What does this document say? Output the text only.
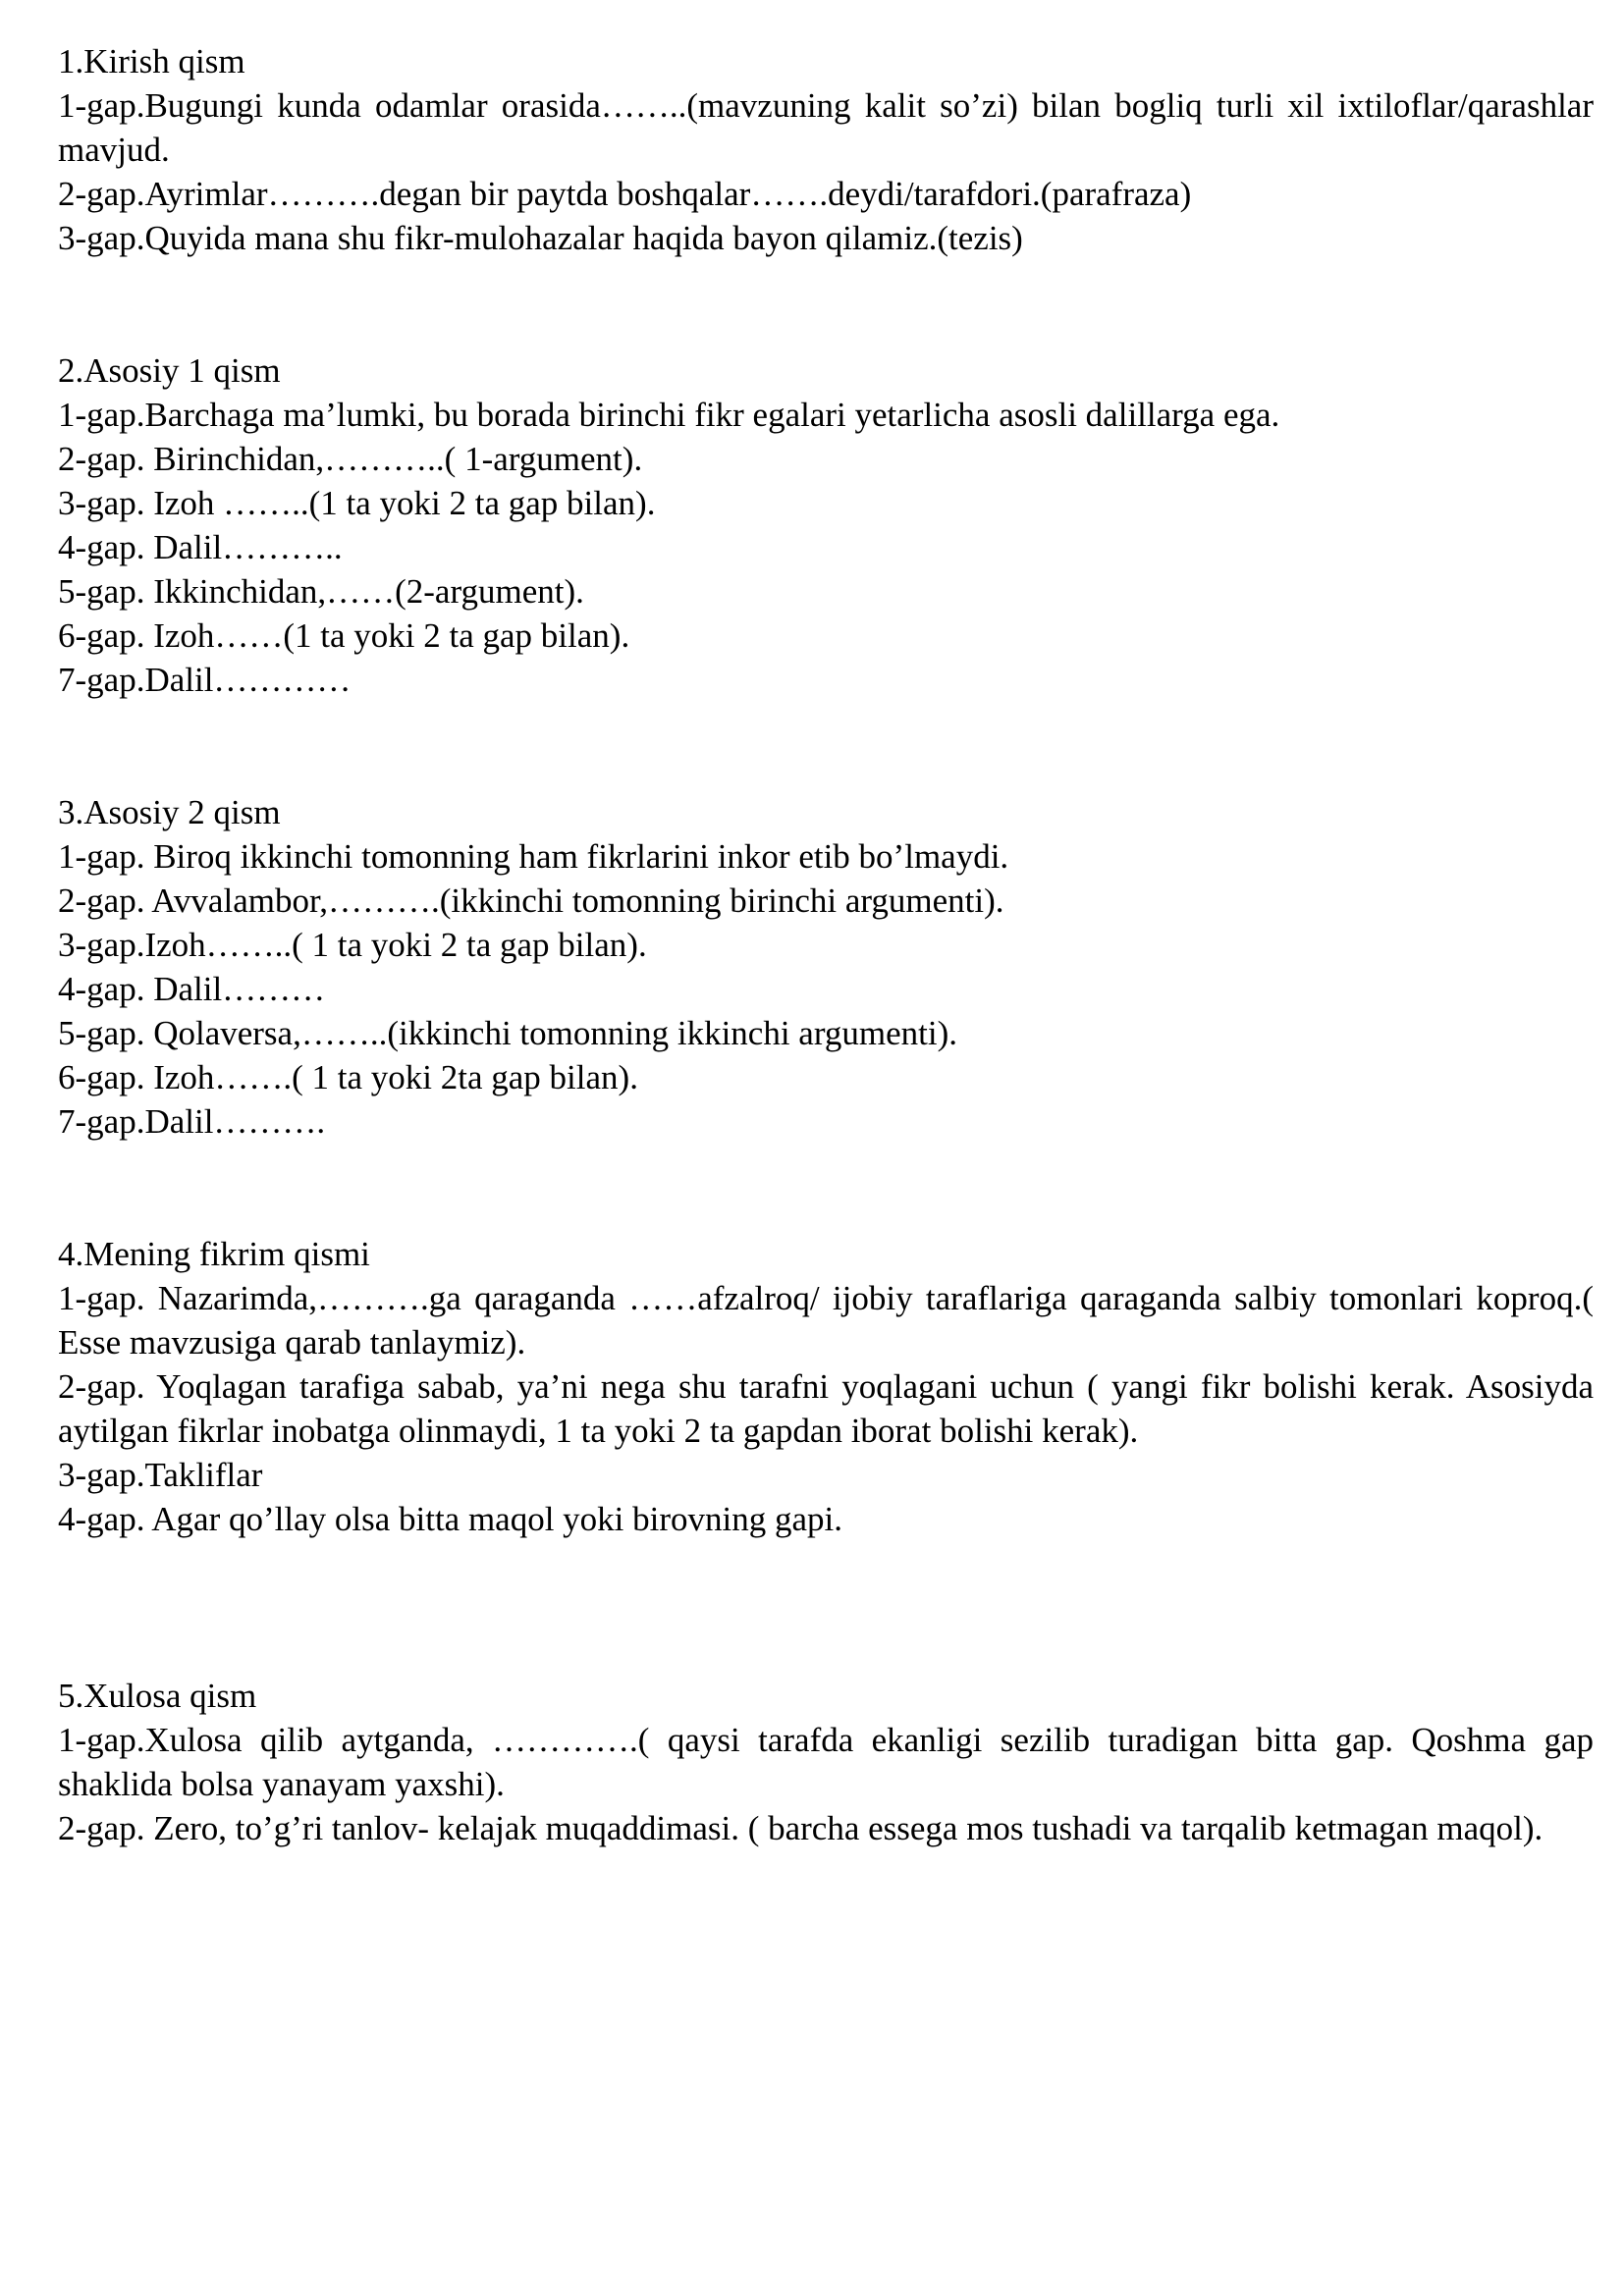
1.Kirish qism

1-gap.Bugungi kunda odamlar orasida……..(mavzuning kalit so’zi) bilan bogliq turli xil ixtiloflar/qarashlar mavjud.

2-gap.Ayrimlar……….degan bir paytda boshqalar…….deydi/tarafdori.(parafraza)

3-gap.Quyida mana shu fikr-mulohazalar haqida bayon qilamiz.(tezis)

2.Asosiy 1 qism

1-gap.Barchaga ma’lumki, bu borada birinchi fikr egalari yetarlicha asosli dalillarga ega.

2-gap. Birinchidan,………..( 1-argument).

3-gap. Izoh ……..(1 ta yoki 2 ta gap bilan).

4-gap. Dalil………..

5-gap. Ikkinchidan,……(2-argument).

6-gap. Izoh……(1 ta yoki 2 ta gap bilan).

7-gap.Dalil…………

3.Asosiy 2 qism

1-gap. Biroq ikkinchi tomonning ham fikrlarini inkor etib bo’lmaydi.

2-gap. Avvalambor,……….(ikkinchi tomonning birinchi argumenti).

3-gap.Izoh……..( 1 ta yoki 2 ta gap bilan).

4-gap. Dalil………

5-gap. Qolaversa,……..(ikkinchi tomonning ikkinchi argumenti).

6-gap. Izoh…….( 1 ta yoki 2ta gap bilan).

7-gap.Dalil……….

4.Mening fikrim qismi

1-gap. Nazarimda,……….ga qaraganda ……afzalroq/ ijobiy taraflariga qaraganda salbiy tomonlari koproq.( Esse mavzusiga qarab tanlaymiz).

2-gap. Yoqlagan tarafiga sabab, ya’ni nega shu tarafni yoqlagani uchun ( yangi fikr bolishi kerak. Asosiyda aytilgan fikrlar inobatga olinmaydi, 1 ta yoki 2 ta gapdan iborat bolishi kerak).

3-gap.Takliflar

4-gap. Agar qo’llay olsa bitta maqol yoki birovning gapi.

5.Xulosa qism

1-gap.Xulosa qilib aytganda, ………….( qaysi tarafda ekanligi sezilib turadigan bitta gap. Qoshma gap shaklida bolsa yanayam yaxshi).

2-gap. Zero, to’g’ri tanlov- kelajak muqaddimasi. ( barcha essega mos tushadi va tarqalib ketmagan maqol).
